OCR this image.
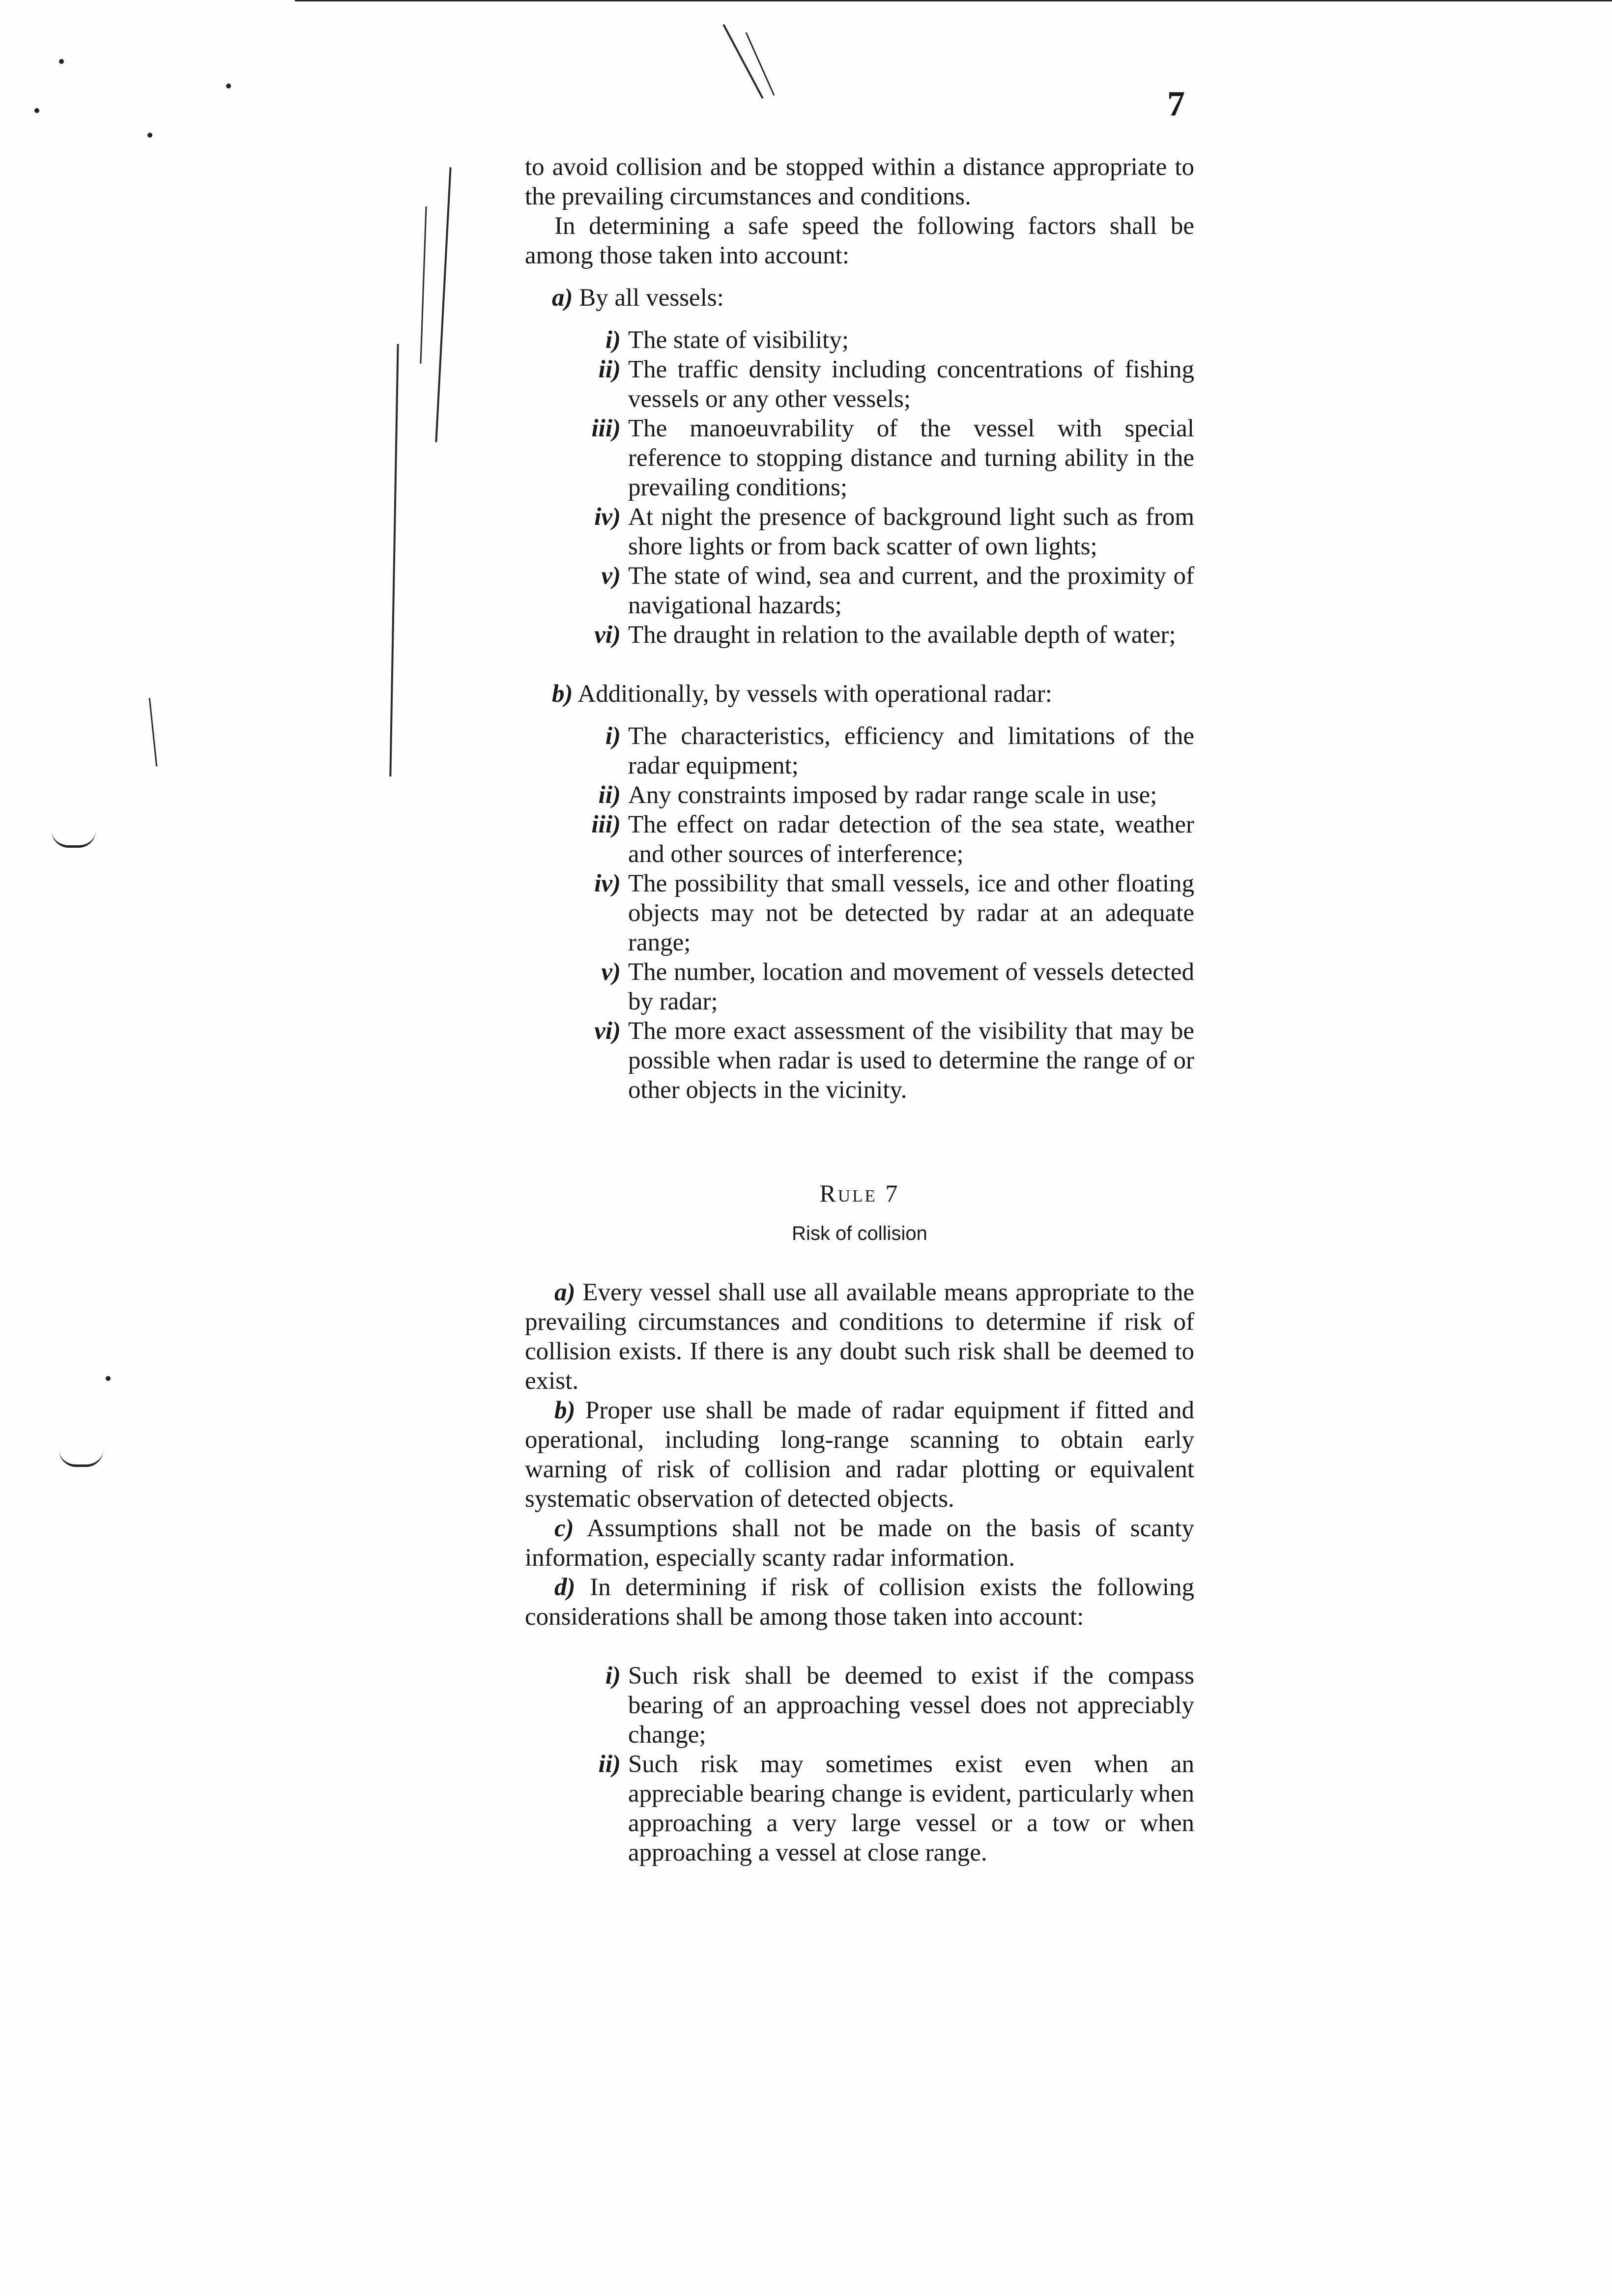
7

to avoid collision and be stopped within a distance appropriate to the prevailing circumstances and conditions.

In determining a safe speed the following factors shall be among those taken into account:

a) By all vessels:

i) The state of visibility;
ii) The traffic density including concentrations of fishing vessels or any other vessels;
iii) The manoeuvrability of the vessel with special reference to stopping distance and turning ability in the prevailing conditions;
iv) At night the presence of background light such as from shore lights or from back scatter of own lights;
v) The state of wind, sea and current, and the proximity of navigational hazards;
vi) The draught in relation to the available depth of water;

b) Additionally, by vessels with operational radar:

i) The characteristics, efficiency and limitations of the radar equipment;
ii) Any constraints imposed by radar range scale in use;
iii) The effect on radar detection of the sea state, weather and other sources of interference;
iv) The possibility that small vessels, ice and other floating objects may not be detected by radar at an adequate range;
v) The number, location and movement of vessels detected by radar;
vi) The more exact assessment of the visibility that may be possible when radar is used to determine the range of or other objects in the vicinity.

Rule 7

Risk of collision

a) Every vessel shall use all available means appropriate to the prevailing circumstances and conditions to determine if risk of collision exists. If there is any doubt such risk shall be deemed to exist.

b) Proper use shall be made of radar equipment if fitted and operational, including long-range scanning to obtain early warning of risk of collision and radar plotting or equivalent systematic observation of detected objects.

c) Assumptions shall not be made on the basis of scanty information, especially scanty radar information.

d) In determining if risk of collision exists the following considerations shall be among those taken into account:

i) Such risk shall be deemed to exist if the compass bearing of an approaching vessel does not appreciably change;
ii) Such risk may sometimes exist even when an appreciable bearing change is evident, particularly when approaching a very large vessel or a tow or when approaching a vessel at close range.
